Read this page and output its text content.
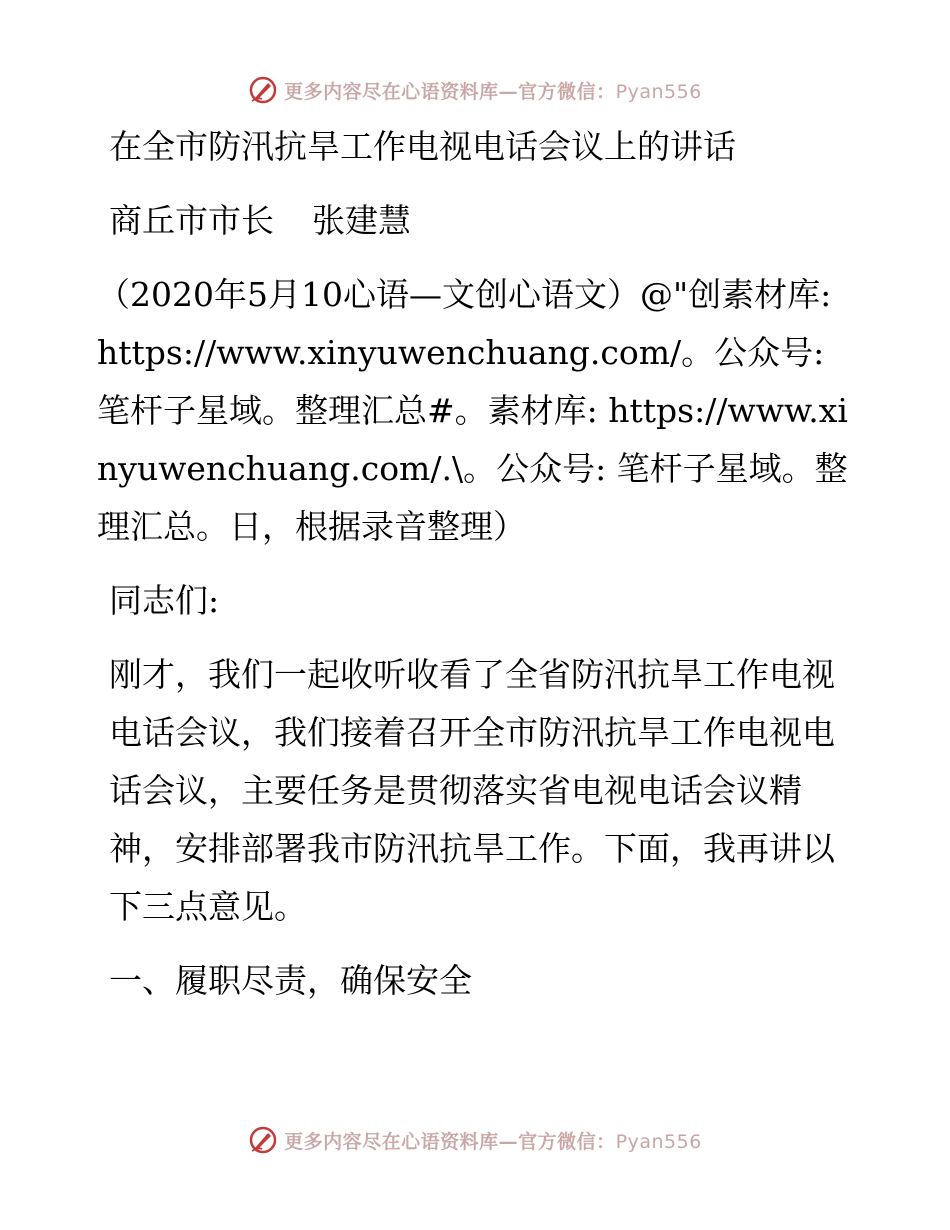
更多内容尽在心语资料库—官方微信：Pyan556
在全市防汛抗旱工作电视电话会议上的讲话
商丘市市长 张建慧
（2020年5月10心语—文创心语文）@"创素材库: https://www.xinyuwenchuang.com/。公众号: 笔杆子星域。整理汇总#。素材库: https://www.xinyuwenchuang.com/.\。公众号: 笔杆子星域。整理汇总。日，根据录音整理）
同志们:
刚才，我们一起收听收看了全省防汛抗旱工作电视电话会议，我们接着召开全市防汛抗旱工作电视电话会议，主要任务是贯彻落实省电视电话会议精神，安排部署我市防汛抗旱工作。下面，我再讲以下三点意见。
一、履职尽责，确保安全
更多内容尽在心语资料库—官方微信：Pyan556
